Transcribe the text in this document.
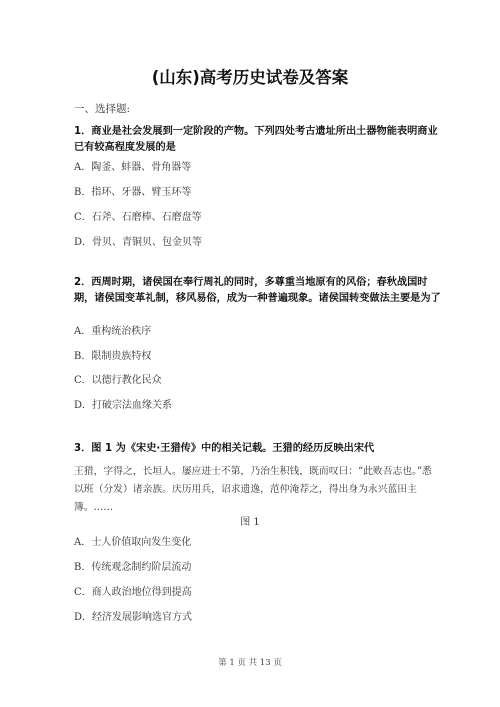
(山东)高考历史试卷及答案
一、选择题:
1．商业是社会发展到一定阶段的产物。下列四处考古遗址所出土器物能表明商业已有较高程度发展的是
A．陶釜、蚌器、骨角器等
B．指环、牙器、臂玉环等
C．石斧、石磨棒、石磨盘等
D．骨贝、青铜贝、包金贝等
2．西周时期，诸侯国在奉行周礼的同时，多尊重当地原有的风俗；春秋战国时期，诸侯国变革礼制，移风易俗，成为一种普遍现象。诸侯国转变做法主要是为了
A．重构统治秩序
B．限制贵族特权
C．以德行教化民众
D．打破宗法血缘关系
3．图 1 为《宋史·王猎传》中的相关记载。王猎的经历反映出宋代
王猎，字得之，长垣人。屡应进士不第，乃治生积钱，既而叹曰：“此败吾志也。”悉以班（分发）诸亲族。庆历用兵，诏求遗逸，范仲淹荐之，得出身为永兴蓝田主簿。……
图 1
A．士人价值取向发生变化
B．传统观念制约阶层流动
C．商人政治地位得到提高
D．经济发展影响选官方式
第 1 页 共 13 页
